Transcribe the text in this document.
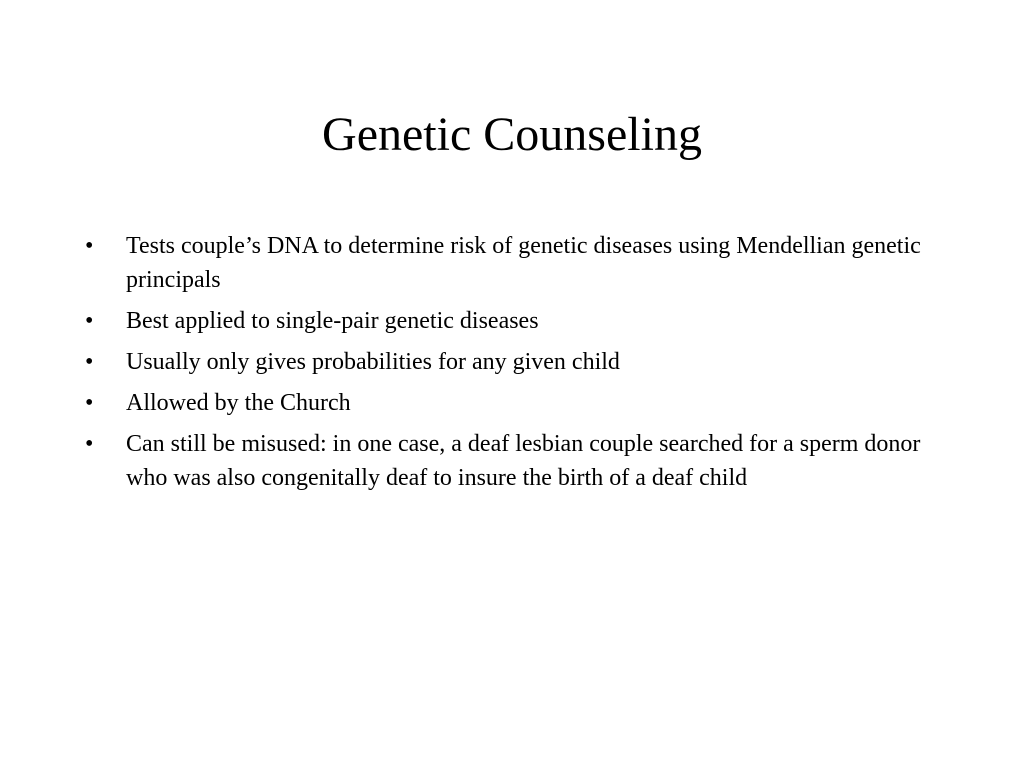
Genetic Counseling
• Tests couple’s DNA to determine risk of genetic diseases using Mendellian genetic principals
• Best applied to single-pair genetic diseases
• Usually only gives probabilities for any given child
• Allowed by the Church
• Can still be misused: in one case, a deaf lesbian couple searched for a sperm donor who was also congenitally deaf to insure the birth of a deaf child
